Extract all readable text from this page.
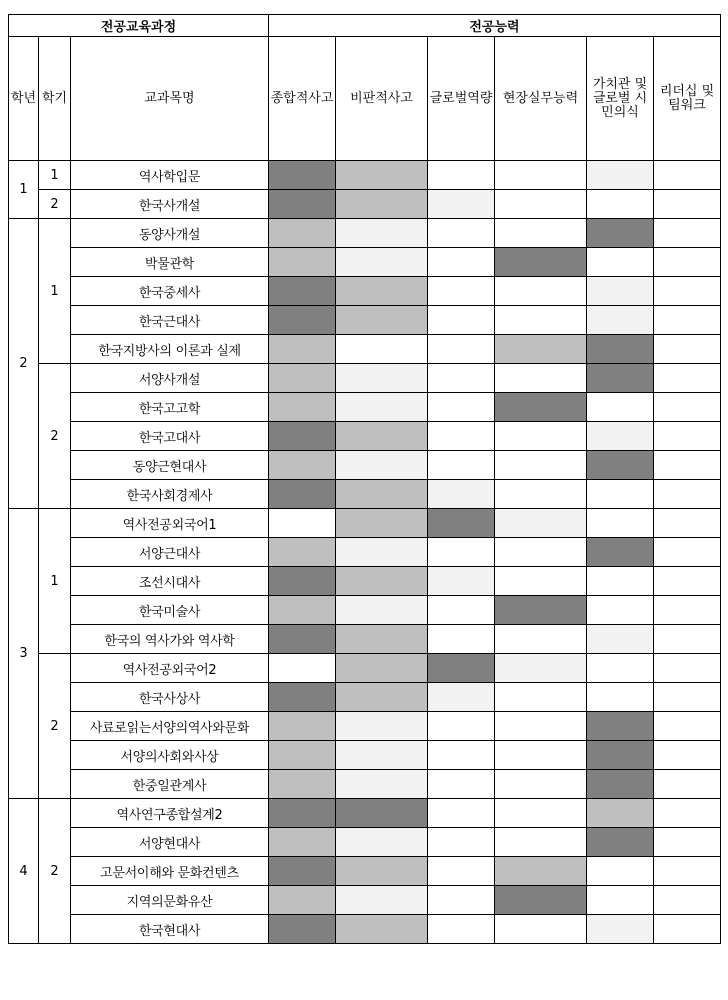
전공교육과정			전공능력					
학년	학기	교과목명	종합적사고	비판적사고	글로벌역량	현장실무능력	가치관 및 글로벌 시민의식	리더십 및 팀워크
1	1	역사학입문						
	2	한국사개설						
2	1	동양사개설						
		박물관학						
		한국중세사						
		한국근대사						
		한국지방사의 이론과 실제						
	2	서양사개설						
		한국고고학						
		한국고대사						
		동양근현대사						
		한국사회경제사						
3	1	역사전공외국어1						
		서양근대사						
		조선시대사						
		한국미술사						
		한국의 역사가와 역사학						
	2	역사전공외국어2						
		한국사상사						
		사료로읽는서양의역사와문화						
		서양의사회와사상						
		한중일관계사						
4	2	역사연구종합설계2						
		서양현대사						
		고문서이해와 문화컨텐츠						
		지역의문화유산						
		한국현대사						
